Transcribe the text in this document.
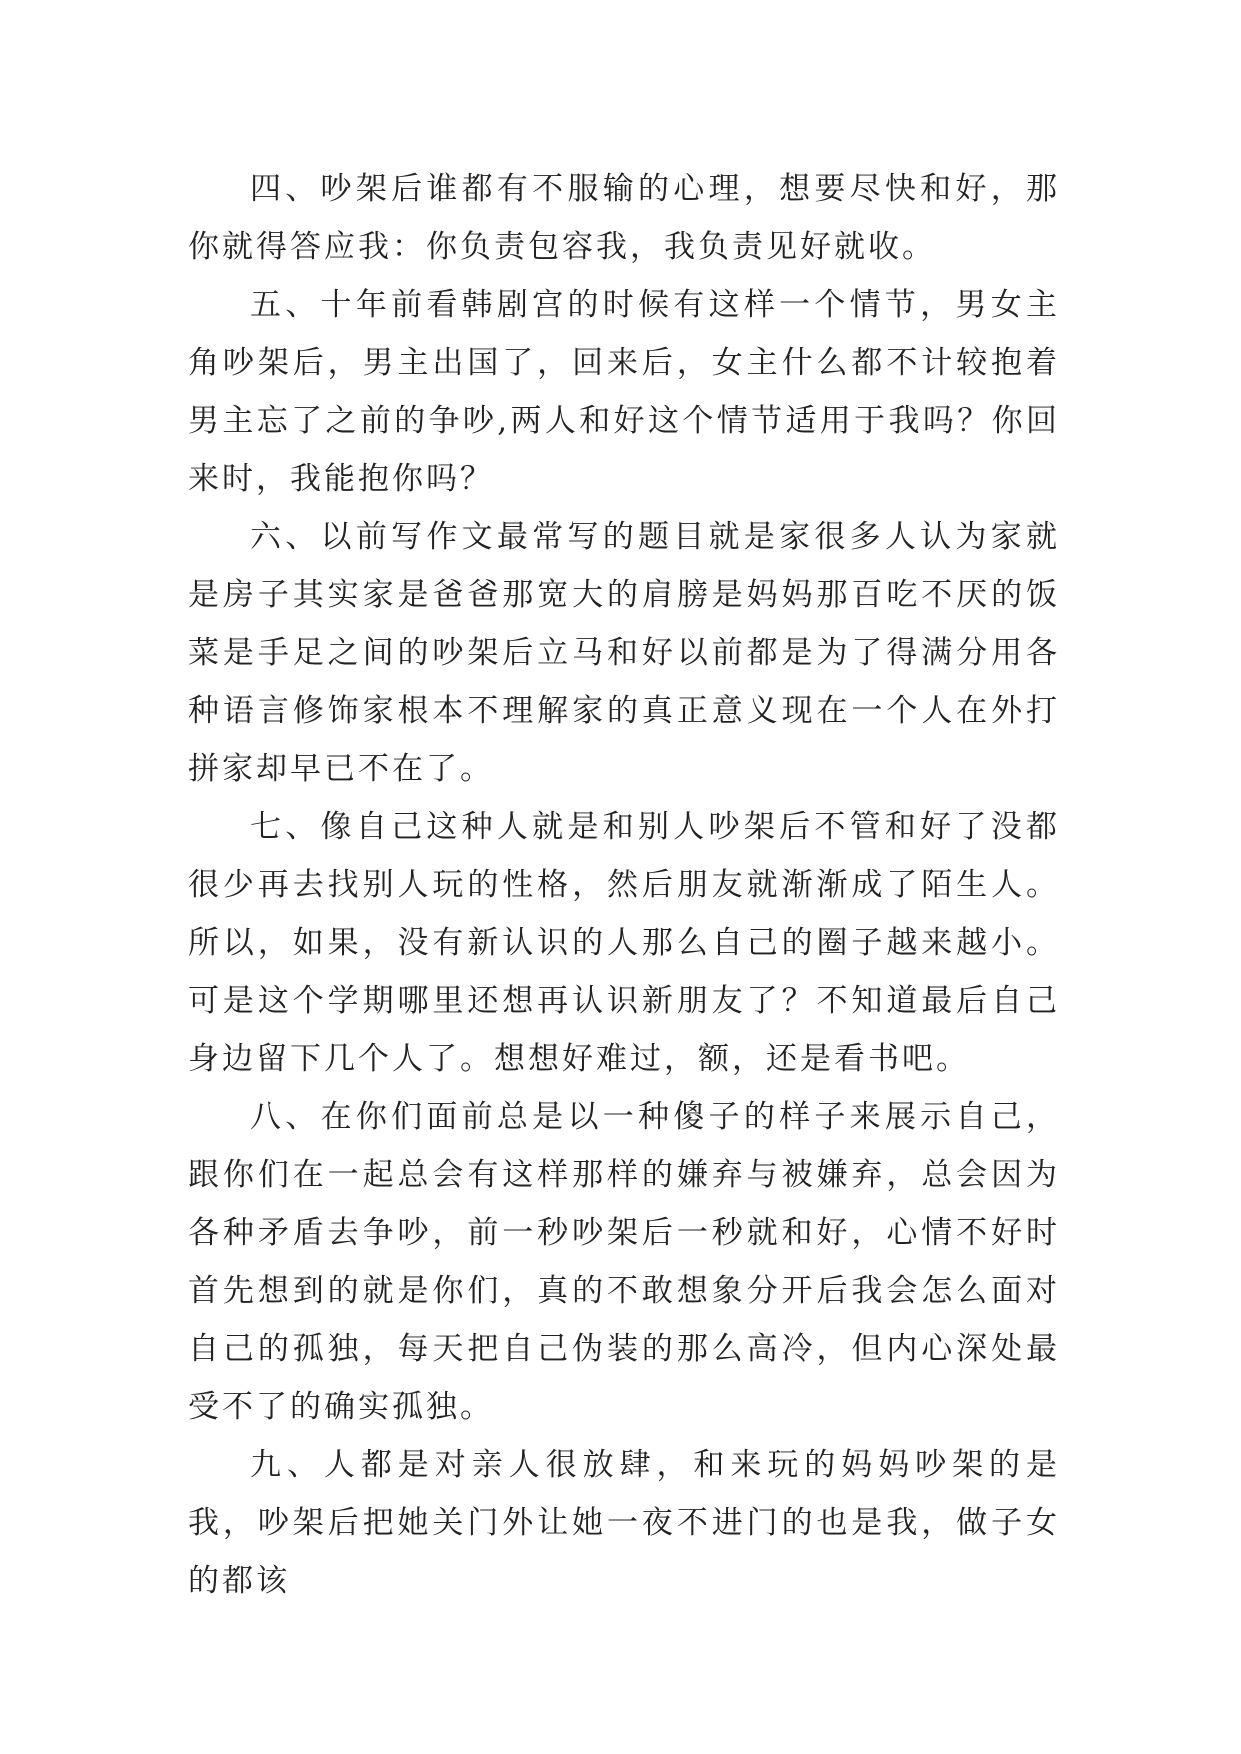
四、吵架后谁都有不服输的心理，想要尽快和好，那你就得答应我：你负责包容我，我负责见好就收。

五、十年前看韩剧宫的时候有这样一个情节，男女主角吵架后，男主出国了，回来后，女主什么都不计较抱着男主忘了之前的争吵,两人和好这个情节适用于我吗？你回来时，我能抱你吗？

六、以前写作文最常写的题目就是家很多人认为家就是房子其实家是爸爸那宽大的肩膀是妈妈那百吃不厌的饭菜是手足之间的吵架后立马和好以前都是为了得满分用各种语言修饰家根本不理解家的真正意义现在一个人在外打拼家却早已不在了。

七、像自己这种人就是和别人吵架后不管和好了没都很少再去找别人玩的性格，然后朋友就渐渐成了陌生人。所以，如果，没有新认识的人那么自己的圈子越来越小。可是这个学期哪里还想再认识新朋友了？不知道最后自己身边留下几个人了。想想好难过，额，还是看书吧。

八、在你们面前总是以一种傻子的样子来展示自己，跟你们在一起总会有这样那样的嫌弃与被嫌弃，总会因为各种矛盾去争吵，前一秒吵架后一秒就和好，心情不好时首先想到的就是你们，真的不敢想象分开后我会怎么面对自己的孤独，每天把自己伪装的那么高冷，但内心深处最受不了的确实孤独。

九、人都是对亲人很放肆，和来玩的妈妈吵架的是我，吵架后把她关门外让她一夜不进门的也是我，做子女的都该
